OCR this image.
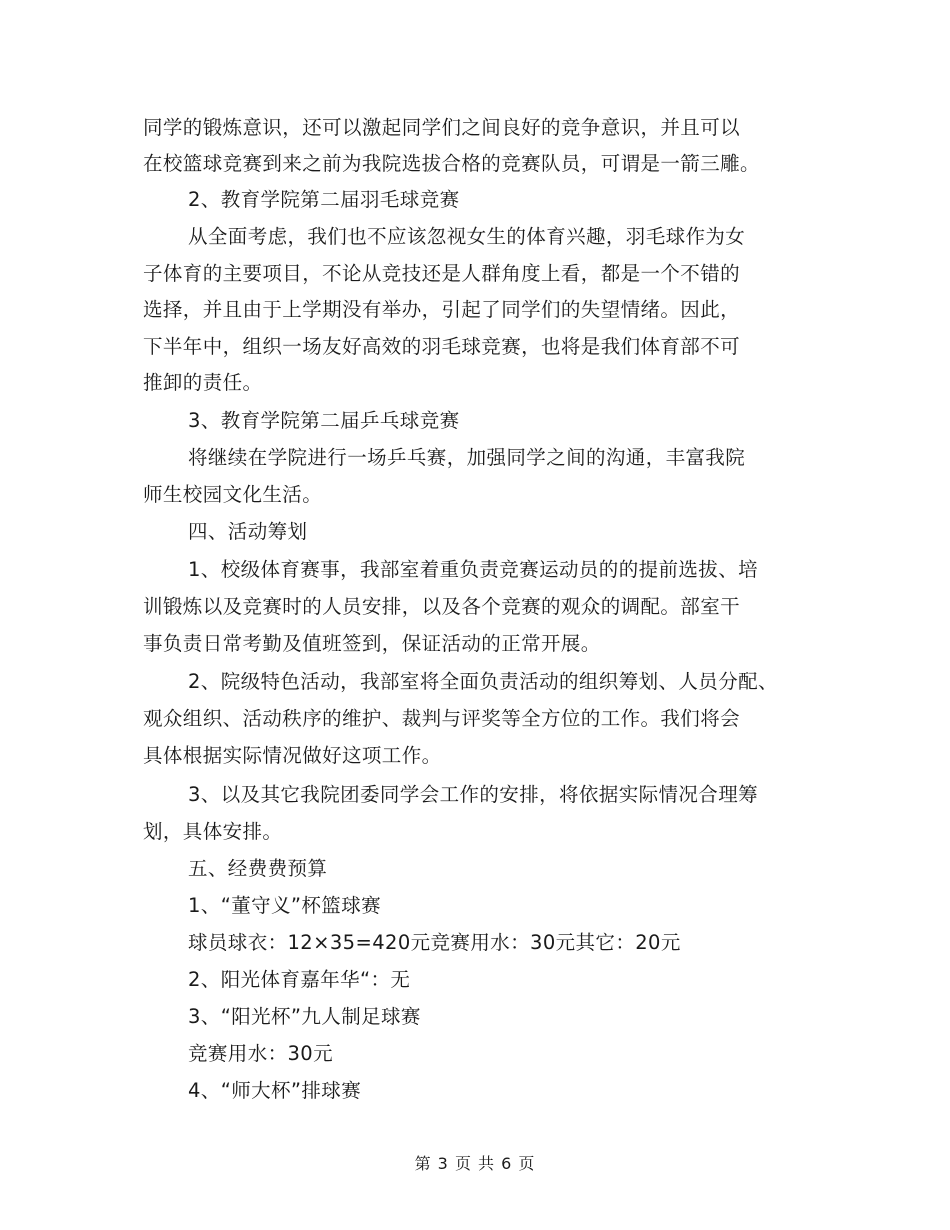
同学的锻炼意识，还可以激起同学们之间良好的竞争意识，并且可以
在校篮球竞赛到来之前为我院选拔合格的竞赛队员，可谓是一箭三雕。
2、教育学院第二届羽毛球竞赛
从全面考虑，我们也不应该忽视女生的体育兴趣，羽毛球作为女
子体育的主要项目，不论从竞技还是人群角度上看，都是一个不错的
选择，并且由于上学期没有举办，引起了同学们的失望情绪。因此，
下半年中，组织一场友好高效的羽毛球竞赛，也将是我们体育部不可
推卸的责任。
3、教育学院第二届乒乓球竞赛
将继续在学院进行一场乒乓赛，加强同学之间的沟通，丰富我院
师生校园文化生活。
四、活动筹划
1、校级体育赛事，我部室着重负责竞赛运动员的的提前选拔、培
训锻炼以及竞赛时的人员安排，以及各个竞赛的观众的调配。部室干
事负责日常考勤及值班签到，保证活动的正常开展。
2、院级特色活动，我部室将全面负责活动的组织筹划、人员分配、
观众组织、活动秩序的维护、裁判与评奖等全方位的工作。我们将会
具体根据实际情况做好这项工作。
3、以及其它我院团委同学会工作的安排，将依据实际情况合理筹
划，具体安排。
五、经费费预算
1、“董守义”杯篮球赛
球员球衣：12×35=420元竞赛用水：30元其它：20元
2、阳光体育嘉年华“：无
3、“阳光杯”九人制足球赛
竞赛用水：30元
4、“师大杯”排球赛
第 3 页 共 6 页
